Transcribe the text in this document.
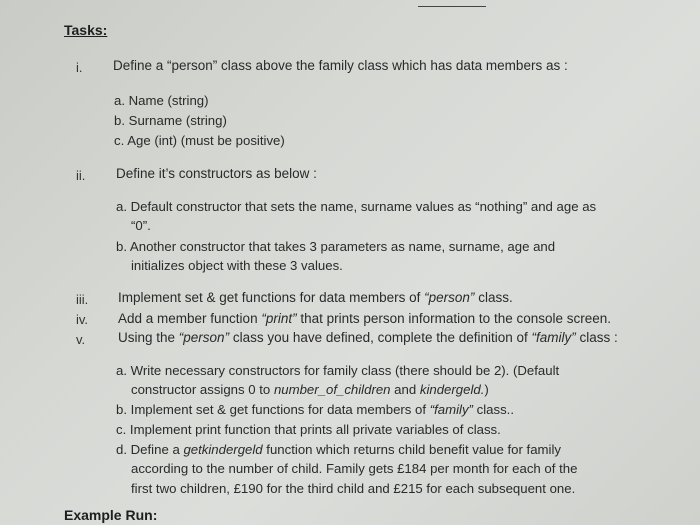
Tasks:
i. Define a “person” class above the family class which has data members as :
a. Name (string)
b. Surname (string)
c. Age (int) (must be positive)
ii. Define it’s constructors as below :
a. Default constructor that sets the name, surname values as “nothing” and age as
“0”.
b. Another constructor that takes 3 parameters as name, surname, age and
initializes object with these 3 values.
iii. Implement set & get functions for data members of “person” class.
iv. Add a member function “print” that prints person information to the console screen.
v. Using the “person” class you have defined, complete the definition of “family” class :
a. Write necessary constructors for family class (there should be 2). (Default
constructor assigns 0 to number_of_children and kindergeld.)
b. Implement set & get functions for data members of “family” class..
c. Implement print function that prints all private variables of class.
d. Define a getkindergeld function which returns child benefit value for family
according to the number of child. Family gets £184 per month for each of the
first two children, £190 for the third child and £215 for each subsequent one.
Example Run:
